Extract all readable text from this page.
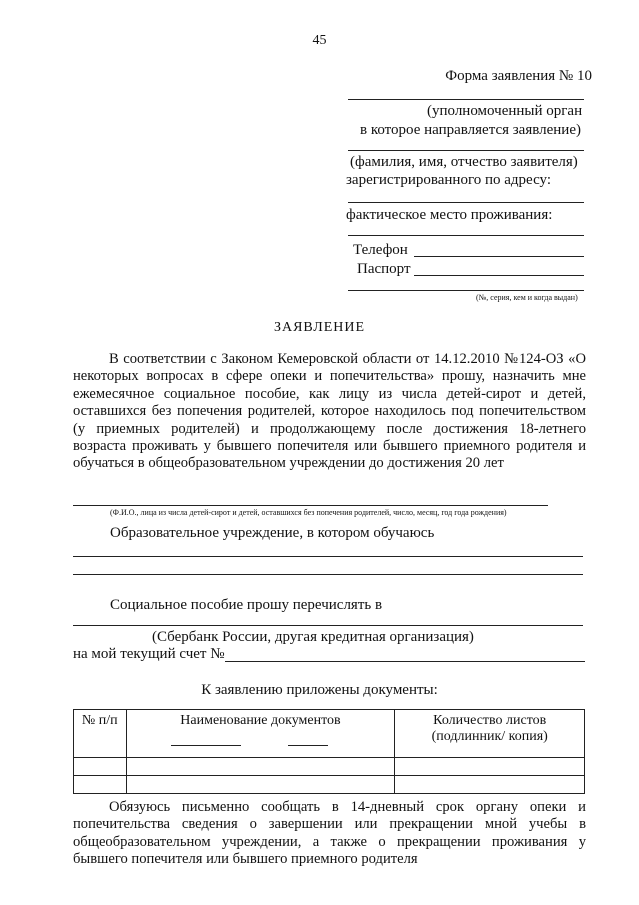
45
Форма заявления № 10
(уполномоченный орган
в которое направляется заявление)
(фамилия, имя, отчество заявителя)
зарегистрированного по адресу:
фактическое место проживания:
Телефон
Паспорт
(№, серия, кем и когда выдан)
ЗАЯВЛЕНИЕ

В соответствии с Законом Кемеровской области от 14.12.2010 №124-ОЗ «О некоторых вопросах в сфере опеки и попечительства» прошу, назначить мне ежемесячное социальное пособие, как лицу из числа детей-сирот и детей, оставшихся без попечения родителей, которое находилось под попечительством (у приемных родителей) и продолжающему после достижения 18-летнего возраста проживать у бывшего попечителя или бывшего приемного родителя и обучаться в общеобразовательном учреждении до достижения 20 лет

(Ф.И.О., лица из числа детей-сирот и детей, оставшихся без попечения родителей, число, месяц, год года рождения)
Образовательное учреждение, в котором обучаюсь
Социальное пособие прошу перечислять в
(Сбербанк России, другая кредитная организация)
на мой текущий счет №
К заявлению приложены документы:
№ п/п	Наименование документов	Количество листов
(подлинник/ копия)

Обязуюсь письменно сообщать в 14-дневный срок органу опеки и попечительства сведения о завершении или прекращении мной учебы в общеобразовательном учреждении, а также о прекращении проживания у бывшего попечителя или бывшего приемного родителя
